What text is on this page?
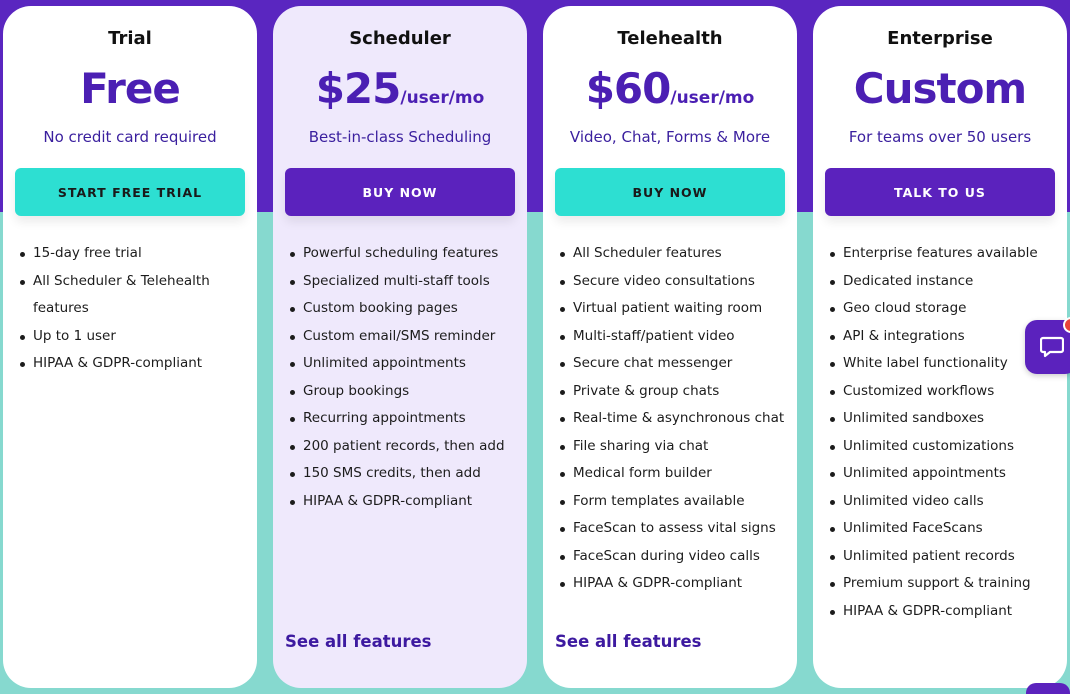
Trial
Free
No credit card required
START FREE TRIAL
15-day free trial
All Scheduler & Telehealth features
Up to 1 user
HIPAA & GDPR-compliant
Scheduler
$25/user/mo
Best-in-class Scheduling
BUY NOW
Powerful scheduling features
Specialized multi-staff tools
Custom booking pages
Custom email/SMS reminder
Unlimited appointments
Group bookings
Recurring appointments
200 patient records, then add
150 SMS credits, then add
HIPAA & GDPR-compliant
See all features
Telehealth
$60/user/mo
Video, Chat, Forms & More
BUY NOW
All Scheduler features
Secure video consultations
Virtual patient waiting room
Multi-staff/patient video
Secure chat messenger
Private & group chats
Real-time & asynchronous chat
File sharing via chat
Medical form builder
Form templates available
FaceScan to assess vital signs
FaceScan during video calls
HIPAA & GDPR-compliant
See all features
Enterprise
Custom
For teams over 50 users
TALK TO US
Enterprise features available
Dedicated instance
Geo cloud storage
API & integrations
White label functionality
Customized workflows
Unlimited sandboxes
Unlimited customizations
Unlimited appointments
Unlimited video calls
Unlimited FaceScans
Unlimited patient records
Premium support & training
HIPAA & GDPR-compliant
